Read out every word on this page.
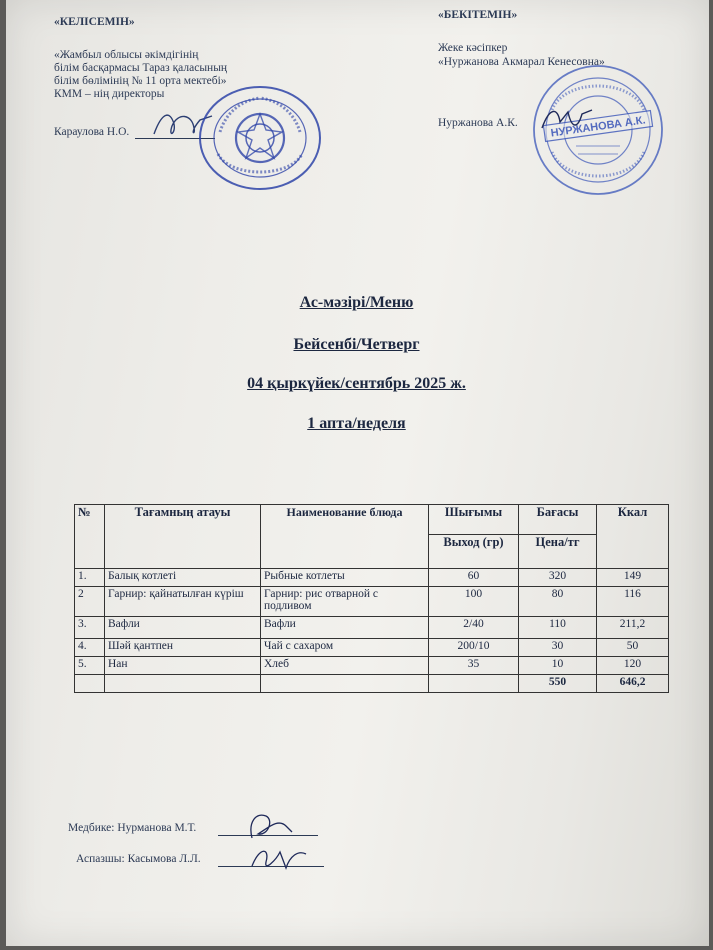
«КЕЛІСЕМІН»
«Жамбыл облысы әкімдігінің
білім басқармасы Тараз қаласының
білім бөлімінің № 11 орта мектебі»
КММ – нің директоры
Караулова Н.О.
«БЕКІТЕМІН»
Жеке кәсіпкер
«Нуржанова Акмарал Кенесовна»
Нуржанова А.К.	НУРЖАНОВА А.К.
Ас-мәзірі/Меню
Бейсенбі/Четверг
04 қыркүйек/сентябрь 2025 ж.
1 апта/неделя
№	Тағамның атауы	Наименование блюда	Шығымы	Бағасы	Ккал
			Выход (гр)	Цена/тг	
1.	Балық котлеті	Рыбные котлеты	60	320	149
2	Гарнир: қайнатылған күріш	Гарнир: рис отварной с подливом	100	80	116
3.	Вафли	Вафли	2/40	110	211,2
4.	Шәй қантпен	Чай с сахаром	200/10	30	50
5.	Нан	Хлеб	35	10	120
				550	646,2
Медбике: Нурманова М.Т.
Аспазшы: Касымова Л.Л.
